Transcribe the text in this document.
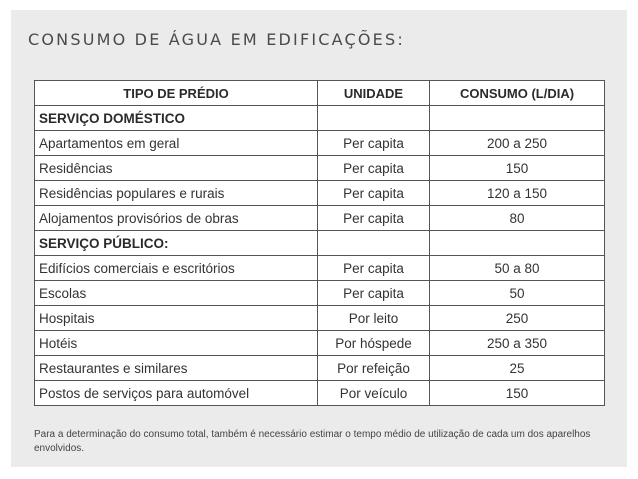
CONSUMO DE ÁGUA EM EDIFICAÇÕES:
TIPO DE PRÉDIO	UNIDADE	CONSUMO (L/DIA)
SERVIÇO DOMÉSTICO		
Apartamentos em geral	Per capita	200 a 250
Residências	Per capita	150
Residências populares e rurais	Per capita	120 a 150
Alojamentos provisórios de obras	Per capita	80
SERVIÇO PÚBLICO:		
Edifícios comerciais e escritórios	Per capita	50 a 80
Escolas	Per capita	50
Hospitais	Por leito	250
Hotéis	Por hóspede	250 a 350
Restaurantes e similares	Por refeição	25
Postos de serviços para automóvel	Por veículo	150
Para a determinação do consumo total, também é necessário estimar o tempo médio de utilização de cada um dos aparelhos envolvidos.
